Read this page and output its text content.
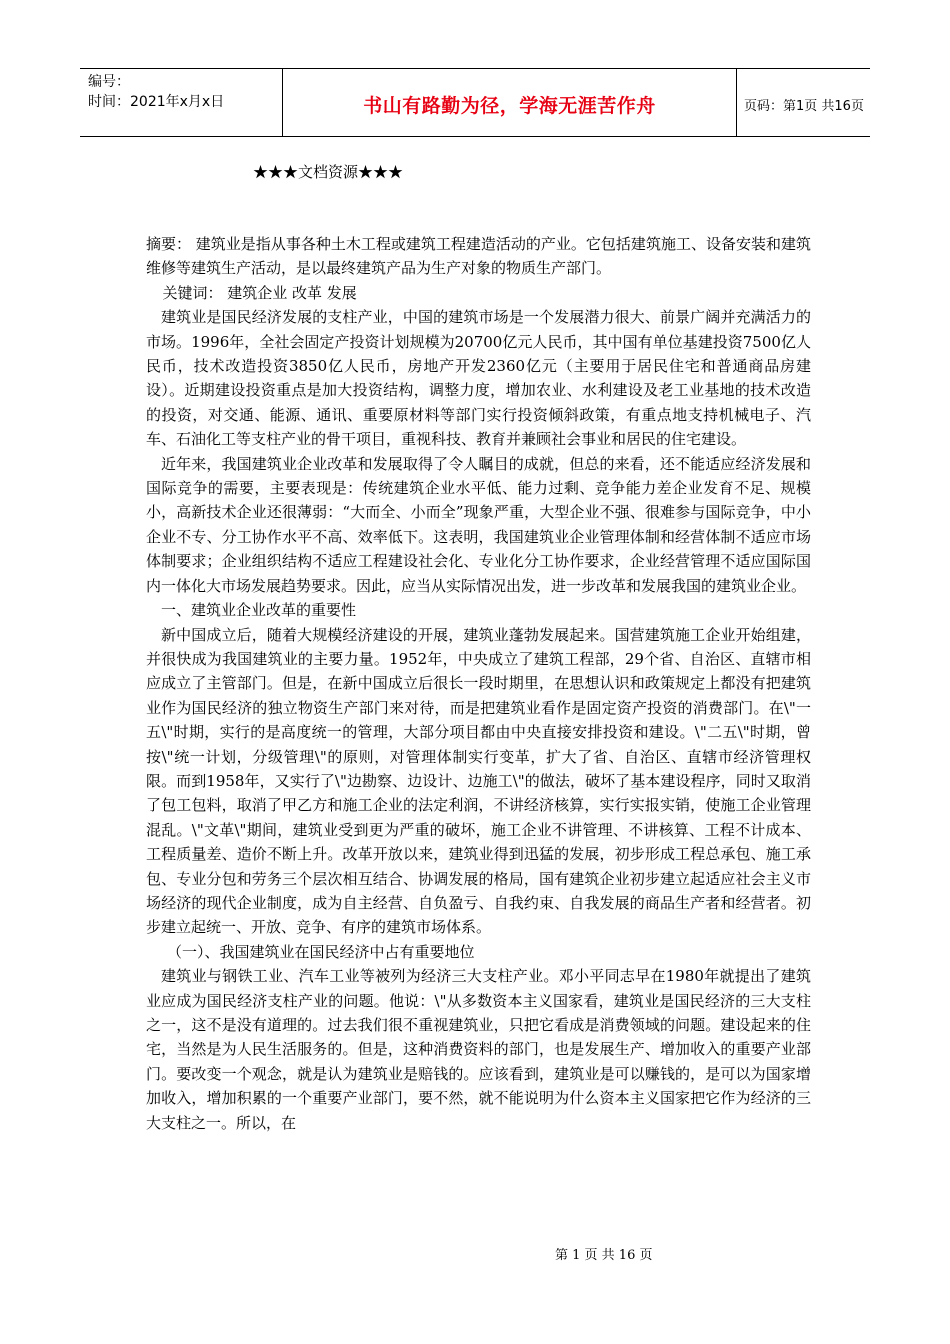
编号：
时间：2021年x月x日	书山有路勤为径，学海无涯苦作舟	页码：第1页 共16页
★★★文档资源★★★

摘要： 建筑业是指从事各种土木工程或建筑工程建造活动的产业。它包括建筑施工、设备安装和建筑维修等建筑生产活动，是以最终建筑产品为生产对象的物质生产部门。

关键词： 建筑企业 改革 发展

建筑业是国民经济发展的支柱产业，中国的建筑市场是一个发展潜力很大、前景广阔并充满活力的市场。1996年，全社会固定产投资计划规模为20700亿元人民币，其中国有单位基建投资7500亿人民币，技术改造投资3850亿人民币，房地产开发2360亿元（主要用于居民住宅和普通商品房建设）。近期建设投资重点是加大投资结构，调整力度，增加农业、水利建设及老工业基地的技术改造的投资，对交通、能源、通讯、重要原材料等部门实行投资倾斜政策，有重点地支持机械电子、汽车、石油化工等支柱产业的骨干项目，重视科技、教育并兼顾社会事业和居民的住宅建设。

近年来，我国建筑业企业改革和发展取得了令人瞩目的成就，但总的来看，还不能适应经济发展和国际竞争的需要，主要表现是：传统建筑企业水平低、能力过剩、竞争能力差企业发育不足、规模小，高新技术企业还很薄弱：“大而全、小而全”现象严重，大型企业不强、很难参与国际竞争，中小企业不专、分工协作水平不高、效率低下。这表明，我国建筑业企业管理体制和经营体制不适应市场体制要求；企业组织结构不适应工程建设社会化、专业化分工协作要求，企业经营管理不适应国际国内一体化大市场发展趋势要求。因此，应当从实际情况出发，进一步改革和发展我国的建筑业企业。

一、建筑业企业改革的重要性

新中国成立后，随着大规模经济建设的开展，建筑业蓬勃发展起来。国营建筑施工企业开始组建，并很快成为我国建筑业的主要力量。1952年，中央成立了建筑工程部，29个省、自治区、直辖市相应成立了主管部门。但是，在新中国成立后很长一段时期里，在思想认识和政策规定上都没有把建筑业作为国民经济的独立物资生产部门来对待，而是把建筑业看作是固定资产投资的消费部门。在\"一五\"时期，实行的是高度统一的管理，大部分项目都由中央直接安排投资和建设。\"二五\"时期，曾按\"统一计划，分级管理\"的原则，对管理体制实行变革，扩大了省、自治区、直辖市经济管理权限。而到1958年，又实行了\"边勘察、边设计、边施工\"的做法，破坏了基本建设程序，同时又取消了包工包料，取消了甲乙方和施工企业的法定利润，不讲经济核算，实行实报实销，使施工企业管理混乱。\"文革\"期间，建筑业受到更为严重的破坏，施工企业不讲管理、不讲核算、工程不计成本、工程质量差、造价不断上升。改革开放以来，建筑业得到迅猛的发展，初步形成工程总承包、施工承包、专业分包和劳务三个层次相互结合、协调发展的格局，国有建筑企业初步建立起适应社会主义市场经济的现代企业制度，成为自主经营、自负盈亏、自我约束、自我发展的商品生产者和经营者。初步建立起统一、开放、竞争、有序的建筑市场体系。

（一）、我国建筑业在国民经济中占有重要地位

建筑业与钢铁工业、汽车工业等被列为经济三大支柱产业。邓小平同志早在1980年就提出了建筑业应成为国民经济支柱产业的问题。他说：\"从多数资本主义国家看，建筑业是国民经济的三大支柱之一，这不是没有道理的。过去我们很不重视建筑业，只把它看成是消费领域的问题。建设起来的住宅，当然是为人民生活服务的。但是，这种消费资料的部门，也是发展生产、增加收入的重要产业部门。要改变一个观念，就是认为建筑业是赔钱的。应该看到，建筑业是可以赚钱的，是可以为国家增加收入，增加积累的一个重要产业部门，要不然，就不能说明为什么资本主义国家把它作为经济的三大支柱之一。所以，在

第 1 页 共 16 页
